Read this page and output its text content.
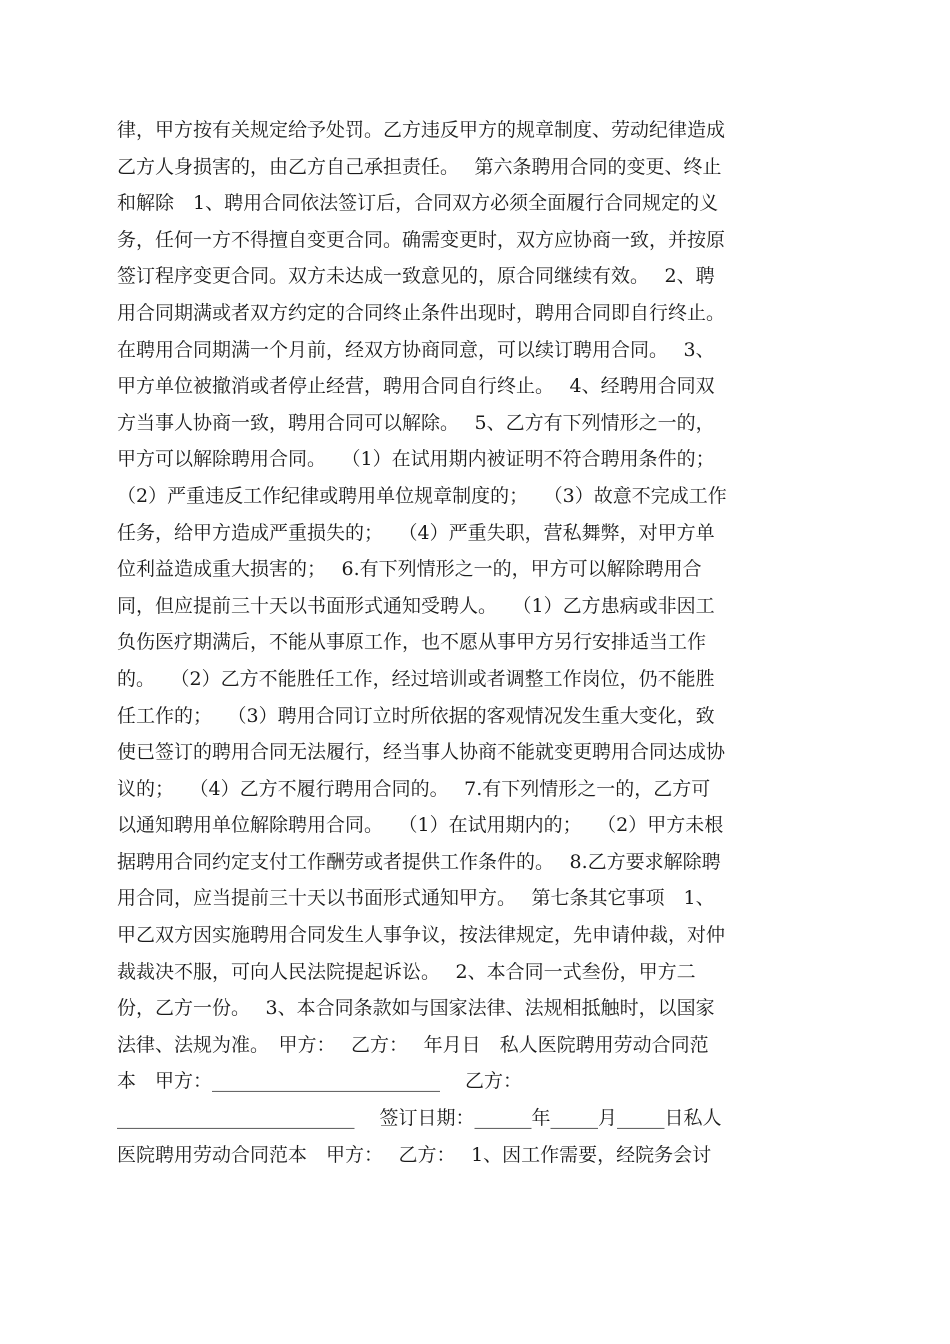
律，甲方按有关规定给予处罚。乙方违反甲方的规章制度、劳动纪律造成
乙方人身损害的，由乙方自己承担责任。　 第六条聘用合同的变更、终止
和解除　1、聘用合同依法签订后，合同双方必须全面履行合同规定的义
务，任何一方不得擅自变更合同。确需变更时，双方应协商一致，并按原
签订程序变更合同。双方未达成一致意见的，原合同继续有效。　 2、聘
用合同期满或者双方约定的合同终止条件出现时，聘用合同即自行终止。
在聘用合同期满一个月前，经双方协商同意，可以续订聘用合同。　 3、
甲方单位被撤消或者停止经营，聘用合同自行终止。　 4、经聘用合同双
方当事人协商一致，聘用合同可以解除。　 5、乙方有下列情形之一的，
甲方可以解除聘用合同。　 （1）在试用期内被证明不符合聘用条件的；
（2）严重违反工作纪律或聘用单位规章制度的；　 （3）故意不完成工作
任务，给甲方造成严重损失的；　 （4）严重失职，营私舞弊，对甲方单
位利益造成重大损害的；　 6.有下列情形之一的，甲方可以解除聘用合
同，但应提前三十天以书面形式通知受聘人。　 （1）乙方患病或非因工
负伤医疗期满后，不能从事原工作，也不愿从事甲方另行安排适当工作
的。　 （2）乙方不能胜任工作，经过培训或者调整工作岗位，仍不能胜
任工作的；　 （3）聘用合同订立时所依据的客观情况发生重大变化，致
使已签订的聘用合同无法履行，经当事人协商不能就变更聘用合同达成协
议的；　 （4）乙方不履行聘用合同的。　 7.有下列情形之一的，乙方可
以通知聘用单位解除聘用合同。　 （1）在试用期内的；　 （2）甲方未根
据聘用合同约定支付工作酬劳或者提供工作条件的。　 8.乙方要求解除聘
用合同，应当提前三十天以书面形式通知甲方。　 第七条其它事项　1、
甲乙双方因实施聘用合同发生人事争议，按法律规定，先申请仲裁，对仲
裁裁决不服，可向人民法院提起诉讼。　 2、本合同一式叁份，甲方二
份，乙方一份。　 3、本合同条款如与国家法律、法规相抵触时，以国家
法律、法规为准。　甲方：　 乙方：　 年月日　私人医院聘用劳动合同范
本　甲方：________________________　 乙方：
_________________________　 签订日期：______年_____月_____日私人
医院聘用劳动合同范本　甲方：　 乙方：　 1、因工作需要，经院务会讨
